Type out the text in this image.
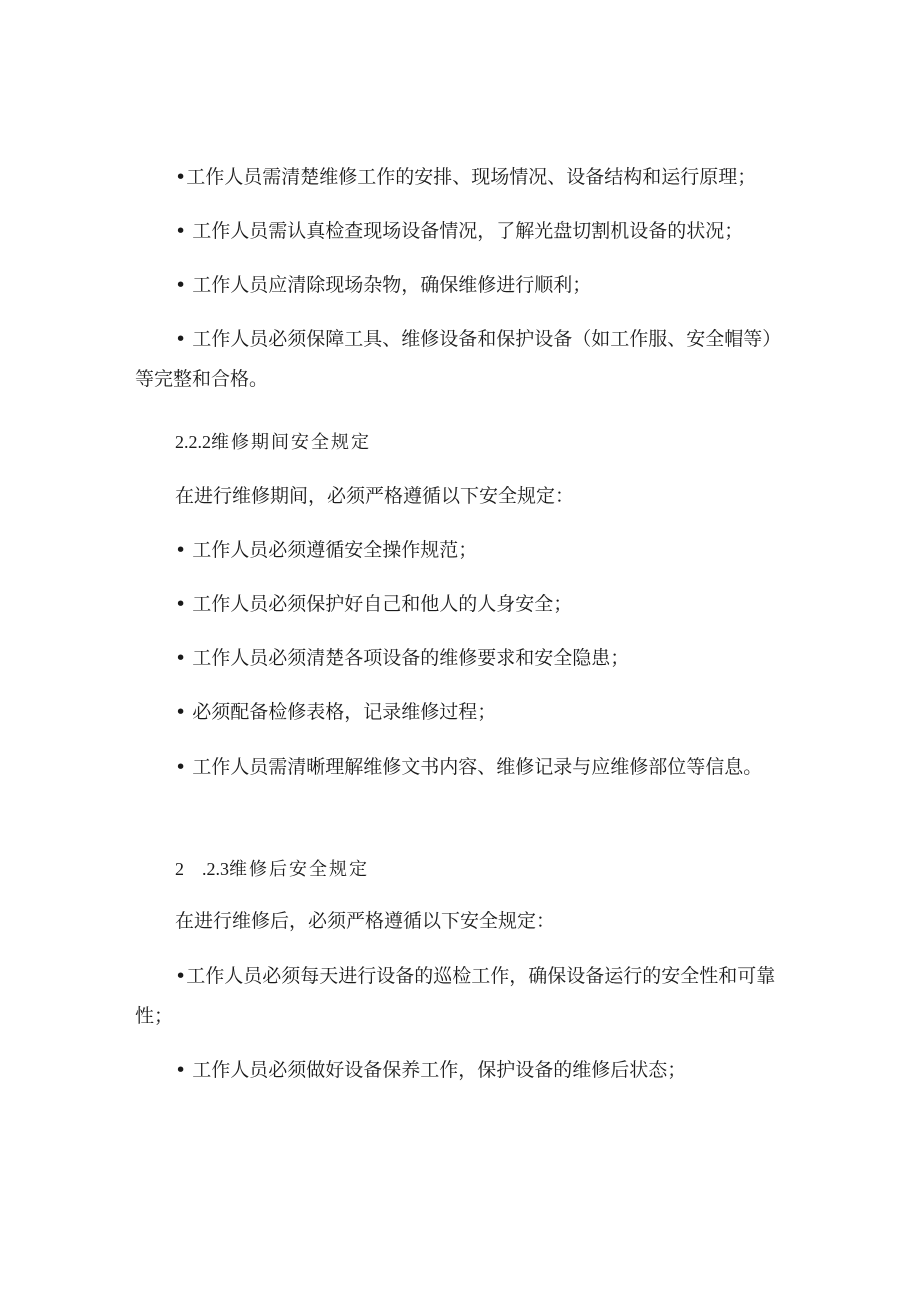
•工作人员需清楚维修工作的安排、现场情况、设备结构和运行原理；

• 工作人员需认真检查现场设备情况，了解光盘切割机设备的状况；

• 工作人员应清除现场杂物，确保维修进行顺利；

• 工作人员必须保障工具、维修设备和保护设备（如工作服、安全帽等）等完整和合格。

2.2.2维修期间安全规定

在进行维修期间，必须严格遵循以下安全规定：

• 工作人员必须遵循安全操作规范；

• 工作人员必须保护好自己和他人的人身安全；

• 工作人员必须清楚各项设备的维修要求和安全隐患；

• 必须配备检修表格，记录维修过程；

• 工作人员需清晰理解维修文书内容、维修记录与应维修部位等信息。

2　.2.3维修后安全规定

在进行维修后，必须严格遵循以下安全规定：

•工作人员必须每天进行设备的巡检工作，确保设备运行的安全性和可靠性；

• 工作人员必须做好设备保养工作，保护设备的维修后状态；
